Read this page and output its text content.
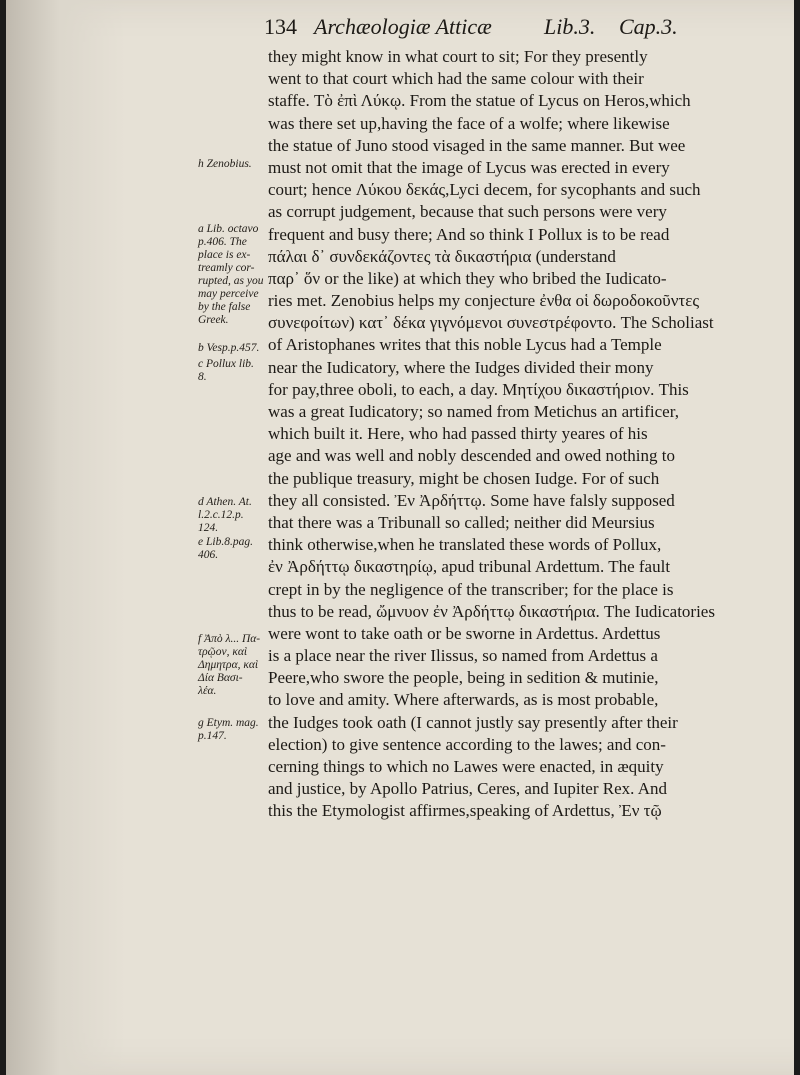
134 Archæologiæ Atticæ Lib.3. Cap.3.
they might know in what court to sit; For they presently
went to that court which had the same colour with their
staffe. Τὸ ἐπὶ Λύκῳ. From the statue of Lycus on Heros,which
was there set up,having the face of a wolfe; where likewise
the statue of Juno stood visaged in the same manner. But wee
must not omit that the image of Lycus was erected in every
court; hence Λύκου δεκάς,Lyci decem, for sycophants and such
as corrupt judgement, because that such persons were very
frequent and busy there; And so think I Pollux is to be read
πάλαι δ᾽ συνδεκάζοντες τὰ δικαστήρια (understand
παρ᾽ ὅν or the like) at which they who bribed the Iudicato-
ries met. Zenobius helps my conjecture ἐνθα οἱ δωροδοκοῦντες
συνεφοίτων) κατ᾽ δέκα γιγνόμενοι συνεστρέφοντο. The Scholiast
of Aristophanes writes that this noble Lycus had a Temple
near the Iudicatory, where the Iudges divided their mony
for pay,three oboli, to each, a day. Μητίχου δικαστήριον. This
was a great Iudicatory; so named from Metichus an artificer,
which built it. Here, who had passed thirty yeares of his
age and was well and nobly descended and owed nothing to
the publique treasury, might be chosen Iudge. For of such
they all consisted. Ἐν Ἀρδήττῳ. Some have falsly supposed
that there was a Tribunall so called; neither did Meursius
think otherwise,when he translated these words of Pollux,
ἐν Ἀρδήττῳ δικαστηρίῳ, apud tribunal Ardettum. The fault
crept in by the negligence of the transcriber; for the place is
thus to be read, ὤμνυον ἐν Ἀρδήττῳ δικαστήρια. The Iudicatories
were wont to take oath or be sworne in Ardettus. Ardettus
is a place near the river Ilissus, so named from Ardettus a
Peere,who swore the people, being in sedition & mutinie,
to love and amity. Where afterwards, as is most probable,
the Iudges took oath (I cannot justly say presently after their
election) to give sentence according to the lawes; and con-
cerning things to which no Lawes were enacted, in æquity
and justice, by Apollo Patrius, Ceres, and Iupiter Rex. And
this the Etymologist affirmes,speaking of Ardettus, Ἐν τῷ
h Zenobius.
a Lib. octavo
p.406. The
place is ex-
treamly cor-
rupted, as you
may perceive
by the false
Greek.
b Vesp.p.457.
c Pollux lib.
8.
d Athen. At.
l.2.c.12.p.
124.
e Lib.8.pag.
406.
f Ἀπὸ λ... Πα-
τρῷον, καὶ
Δημητρα, καὶ
Δία Βασι-
λέα.
g Etym. mag.
p.147.
